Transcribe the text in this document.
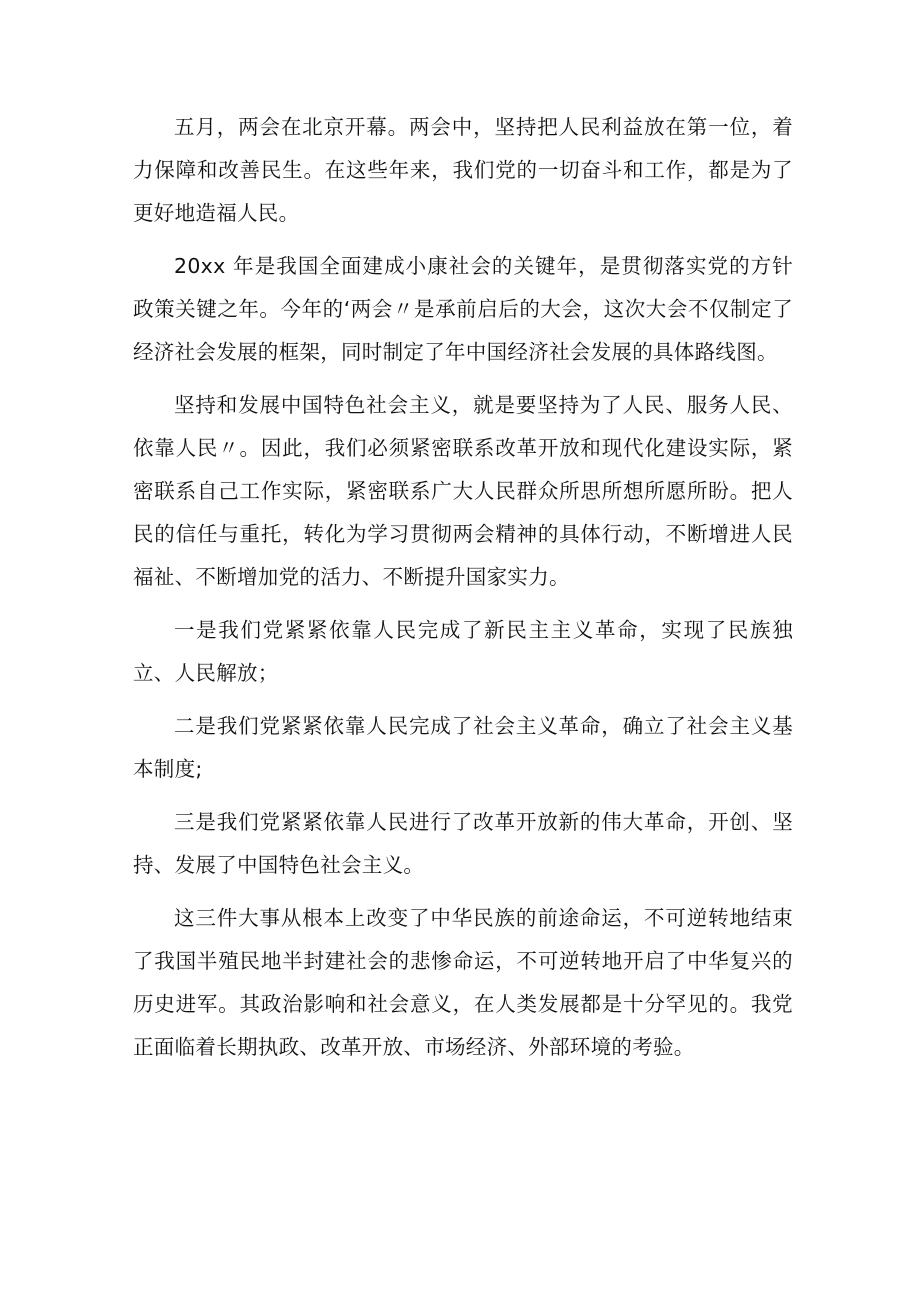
五月，两会在北京开幕。两会中，坚持把人民利益放在第一位，着力保障和改善民生。在这些年来，我们党的一切奋斗和工作，都是为了更好地造福人民。

20xx 年是我国全面建成小康社会的关键年，是贯彻落实党的方针政策关键之年。今年的‘两会〃是承前启后的大会，这次大会不仅制定了经济社会发展的框架，同时制定了年中国经济社会发展的具体路线图。

坚持和发展中国特色社会主义，就是要坚持为了人民、服务人民、依靠人民〃。因此，我们必须紧密联系改革开放和现代化建设实际，紧密联系自己工作实际，紧密联系广大人民群众所思所想所愿所盼。把人民的信任与重托，转化为学习贯彻两会精神的具体行动，不断增进人民福祉、不断增加党的活力、不断提升国家实力。

一是我们党紧紧依靠人民完成了新民主主义革命，实现了民族独立、人民解放；

二是我们党紧紧依靠人民完成了社会主义革命，确立了社会主义基本制度;

三是我们党紧紧依靠人民进行了改革开放新的伟大革命，开创、坚持、发展了中国特色社会主义。

这三件大事从根本上改变了中华民族的前途命运，不可逆转地结束了我国半殖民地半封建社会的悲惨命运，不可逆转地开启了中华复兴的历史进军。其政治影响和社会意义，在人类发展都是十分罕见的。我党正面临着长期执政、改革开放、市场经济、外部环境的考验。
